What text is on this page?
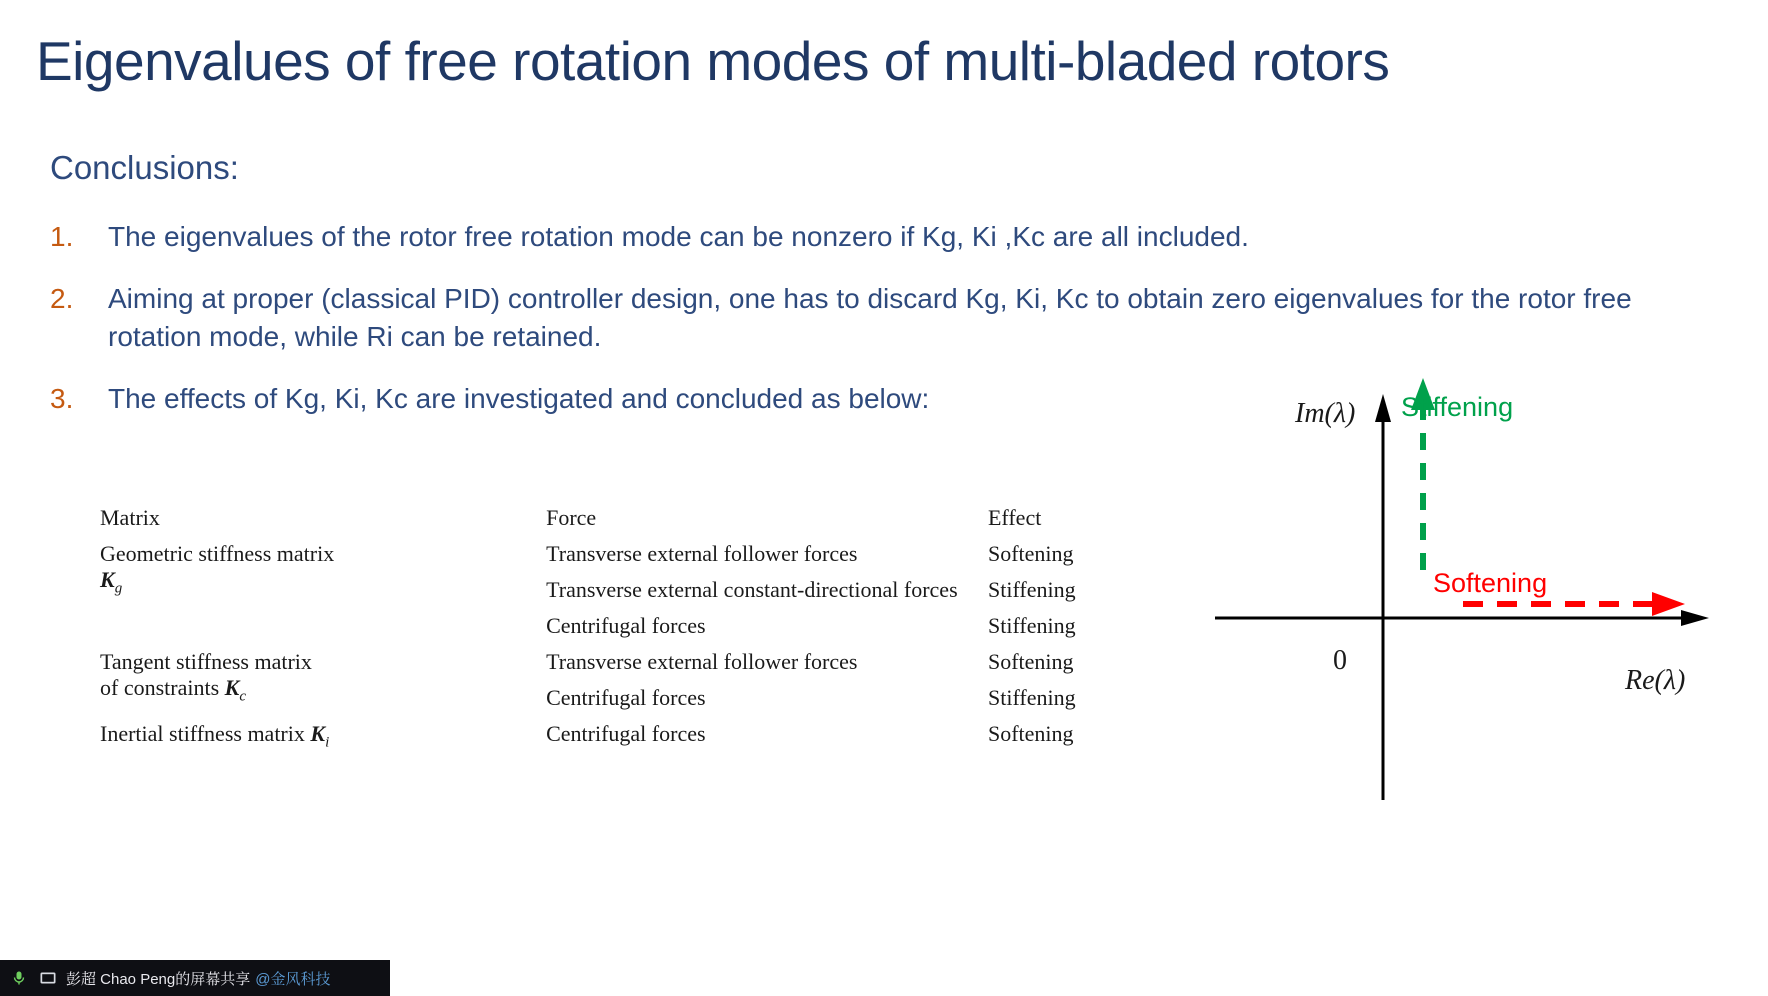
Eigenvalues of free rotation modes of multi-bladed rotors
Conclusions:
1.	The eigenvalues of the rotor free rotation mode can be nonzero if Kg, Ki ,Kc are all included.
2.	Aiming at proper (classical PID) controller design, one has to discard Kg, Ki, Kc to obtain zero eigenvalues for the rotor free rotation mode, while Ri can be retained.
3.	The effects of Kg, Ki, Kc are investigated and concluded as below:
Matrix	Force	Effect
Geometric stiffness matrix
$K_g$	Transverse external follower forces	Softening
	Transverse external constant-directional forces	Stiffening
	Centrifugal forces	Stiffening
Tangent stiffness matrix
of constraints $K_c$	Transverse external follower forces	Softening
	Centrifugal forces	Stiffening
Inertial stiffness matrix $K_i$	Centrifugal forces	Softening
Im(λ)
Re(λ)
0
Stiffening
Softening
彭超 Chao Peng的屏幕共享 @金风科技
